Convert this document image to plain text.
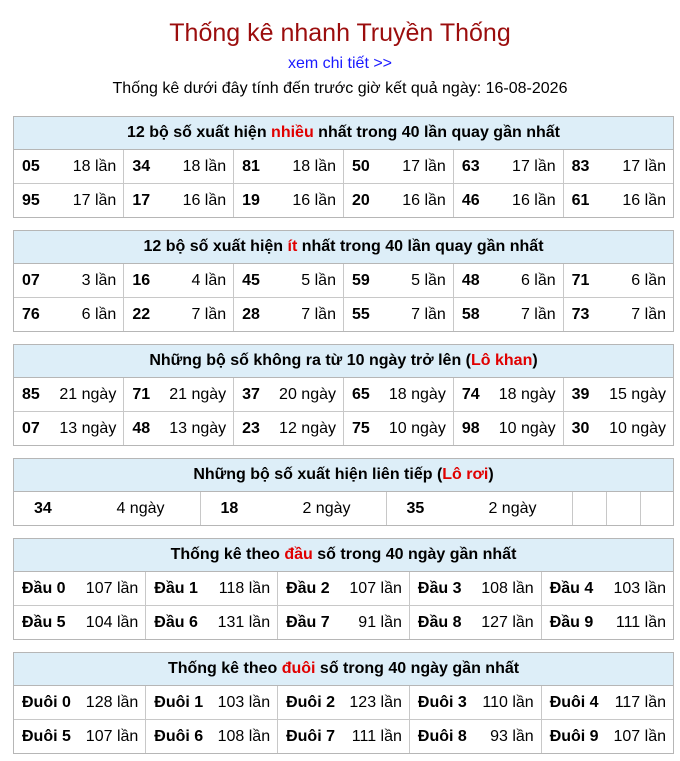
Thống kê nhanh Truyền Thống
xem chi tiết >>
Thống kê dưới đây tính đến trước giờ kết quả ngày: 16-08-2026
12 bộ số xuất hiện nhiều nhất trong 40 lần quay gần nhất
05 18 lần	34 18 lần	81 18 lần	50 17 lần	63 17 lần	83 17 lần

95 17 lần	17 16 lần	19 16 lần	20 16 lần	46 16 lần	61 16 lần
12 bộ số xuất hiện ít nhất trong 40 lần quay gần nhất
07 3 lần	16 4 lần	45 5 lần	59 5 lần	48 6 lần	71 6 lần

76 6 lần	22 7 lần	28 7 lần	55 7 lần	58 7 lần	73 7 lần
Những bộ số không ra từ 10 ngày trở lên (Lô khan)
85 21 ngày	71 21 ngày	37 20 ngày	65 18 ngày	74 18 ngày	39 15 ngày

07 13 ngày	48 13 ngày	23 12 ngày	75 10 ngày	98 10 ngày	30 10 ngày
Những bộ số xuất hiện liên tiếp (Lô rơi)
34	4 ngày	18	2 ngày	35	2 ngày

Thống kê theo đầu số trong 40 ngày gần nhất
Đầu 0 107 lần	Đầu 1 118 lần	Đầu 2 107 lần	Đầu 3 108 lần	Đầu 4 103 lần

Đầu 5 104 lần	Đầu 6 131 lần	Đầu 7 91 lần	Đầu 8 127 lần	Đầu 9 111 lần
Thống kê theo đuôi số trong 40 ngày gần nhất
Đuôi 0 128 lần	Đuôi 1 103 lần	Đuôi 2 123 lần	Đuôi 3 110 lần	Đuôi 4 117 lần

Đuôi 5 107 lần	Đuôi 6 108 lần	Đuôi 7 111 lần	Đuôi 8 93 lần	Đuôi 9 107 lần
